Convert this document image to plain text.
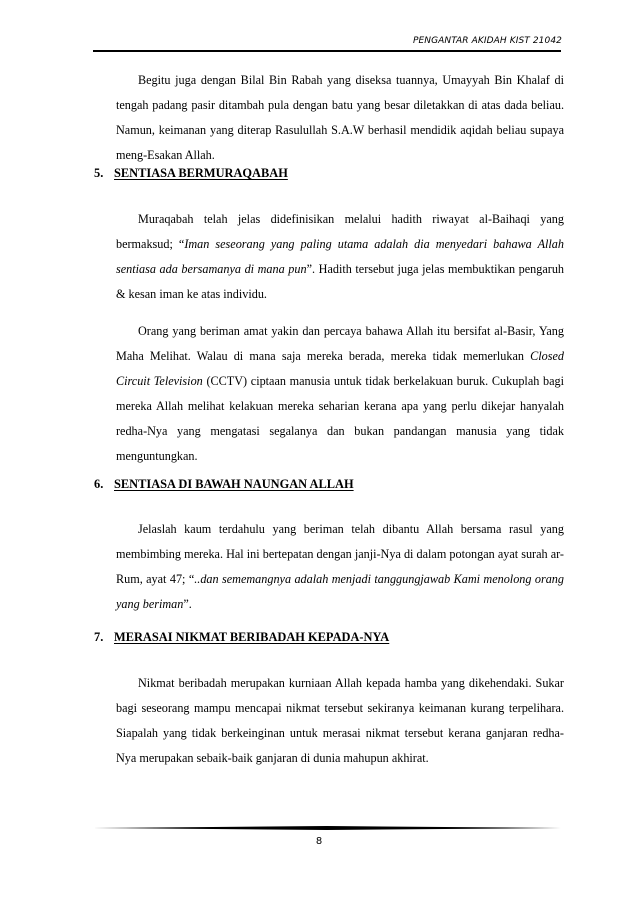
PENGANTAR AKIDAH KIST 21042

Begitu juga dengan Bilal Bin Rabah yang diseksa tuannya, Umayyah Bin Khalaf di tengah padang pasir ditambah pula dengan batu yang besar diletakkan di atas dada beliau. Namun, keimanan yang diterap Rasulullah S.A.W berhasil mendidik aqidah beliau supaya meng-Esakan Allah.

5. SENTIASA BERMURAQABAH

Muraqabah telah jelas didefinisikan melalui hadith riwayat al-Baihaqi yang bermaksud; “Iman seseorang yang paling utama adalah dia menyedari bahawa Allah sentiasa ada bersamanya di mana pun”. Hadith tersebut juga jelas membuktikan pengaruh & kesan iman ke atas individu.

Orang yang beriman amat yakin dan percaya bahawa Allah itu bersifat al-Basir, Yang Maha Melihat. Walau di mana saja mereka berada, mereka tidak memerlukan Closed Circuit Television (CCTV) ciptaan manusia untuk tidak berkelakuan buruk. Cukuplah bagi mereka Allah melihat kelakuan mereka seharian kerana apa yang perlu dikejar hanyalah redha-Nya yang mengatasi segalanya dan bukan pandangan manusia yang tidak menguntungkan.

6. SENTIASA DI BAWAH NAUNGAN ALLAH

Jelaslah kaum terdahulu yang beriman telah dibantu Allah bersama rasul yang membimbing mereka. Hal ini bertepatan dengan janji-Nya di dalam potongan ayat surah ar-Rum, ayat 47; “..dan sememangnya adalah menjadi tanggungjawab Kami menolong orang yang beriman”.

7. MERASAI NIKMAT BERIBADAH KEPADA-NYA

Nikmat beribadah merupakan kurniaan Allah kepada hamba yang dikehendaki. Sukar bagi seseorang mampu mencapai nikmat tersebut sekiranya keimanan kurang terpelihara. Siapalah yang tidak berkeinginan untuk merasai nikmat tersebut kerana ganjaran redha-Nya merupakan sebaik-baik ganjaran di dunia mahupun akhirat.

8
